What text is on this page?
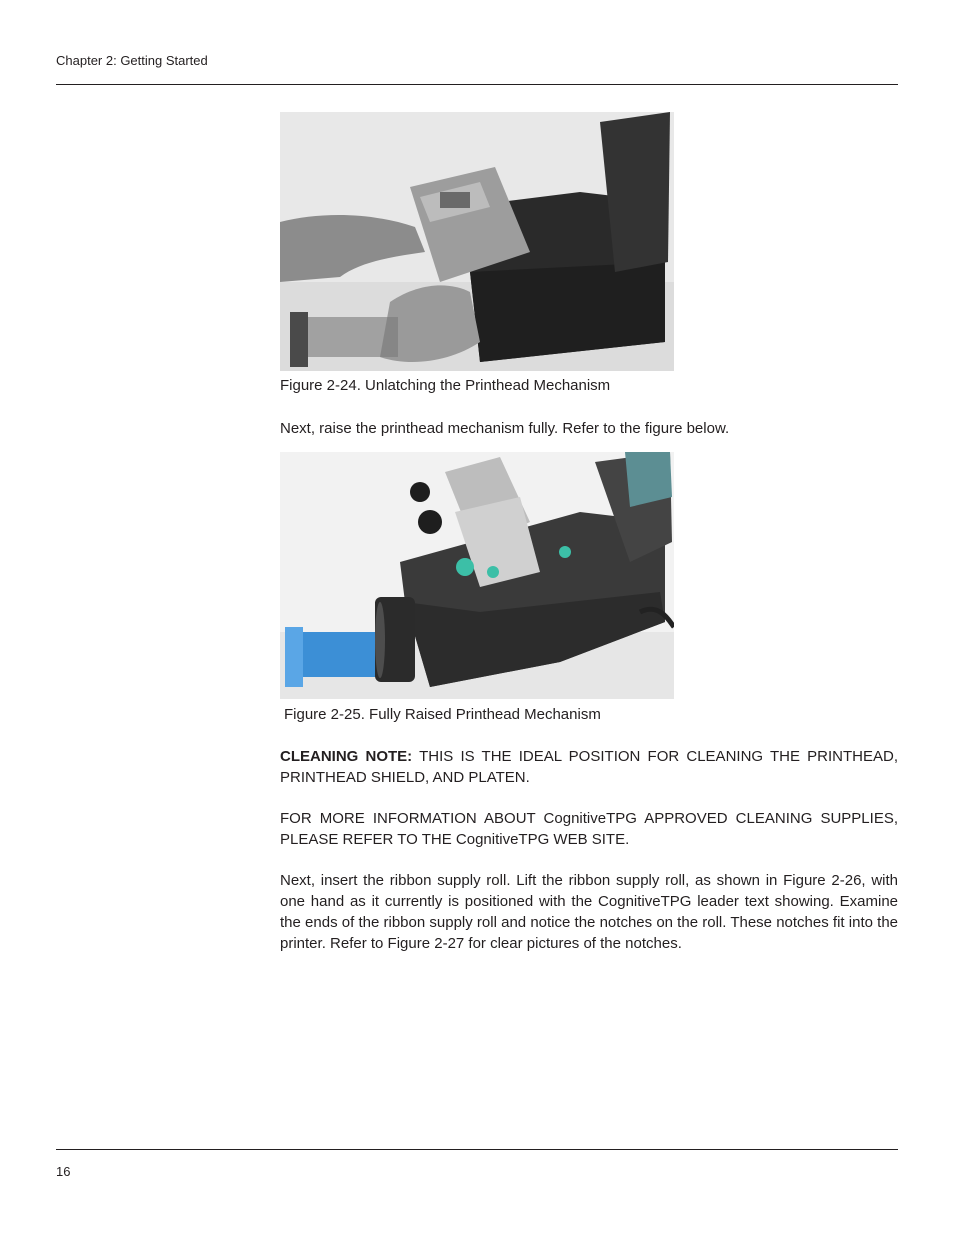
Chapter 2: Getting Started
Figure 2-24. Unlatching the Printhead Mechanism

Next, raise the printhead mechanism fully. Refer to the figure below.

Figure 2-25. Fully Raised Printhead Mechanism

CLEANING NOTE: THIS IS THE IDEAL POSITION FOR CLEANING THE PRINTHEAD, PRINTHEAD SHIELD, AND PLATEN.

FOR MORE INFORMATION ABOUT CognitiveTPG APPROVED CLEANING SUPPLIES, PLEASE REFER TO THE CognitiveTPG WEB SITE.

Next, insert the ribbon supply roll. Lift the ribbon supply roll, as shown in Figure 2-26, with one hand as it currently is positioned with the CognitiveTPG leader text showing. Examine the ends of the ribbon supply roll and notice the notches on the roll. These notches fit into the printer. Refer to Figure 2-27 for clear pictures of the notches.

16
